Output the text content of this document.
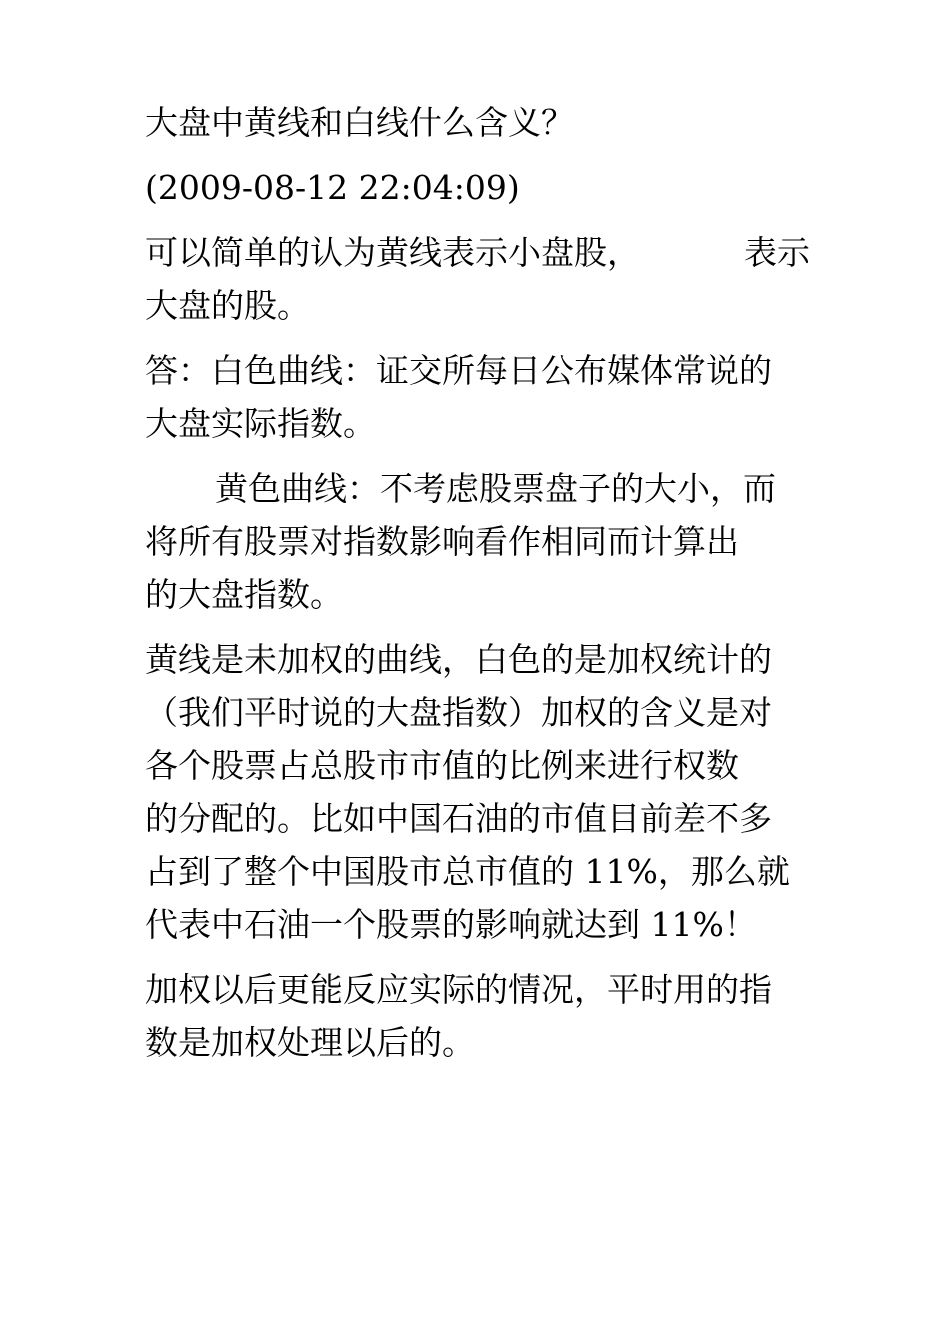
大盘中黄线和白线什么含义？
(2009-08-12 22:04:09)
可以简单的认为黄线表示小盘股，	表示
大盘的股。
答：白色曲线：证交所每日公布媒体常说的
大盘实际指数。
黄色曲线：不考虑股票盘子的大小，而
将所有股票对指数影响看作相同而计算出
的大盘指数。
黄线是未加权的曲线，白色的是加权统计的
（我们平时说的大盘指数）加权的含义是对
各个股票占总股市市值的比例来进行权数
的分配的。比如中国石油的市值目前差不多
占到了整个中国股市总市值的 11%，那么就
代表中石油一个股票的影响就达到 11%！
加权以后更能反应实际的情况，平时用的指
数是加权处理以后的。
